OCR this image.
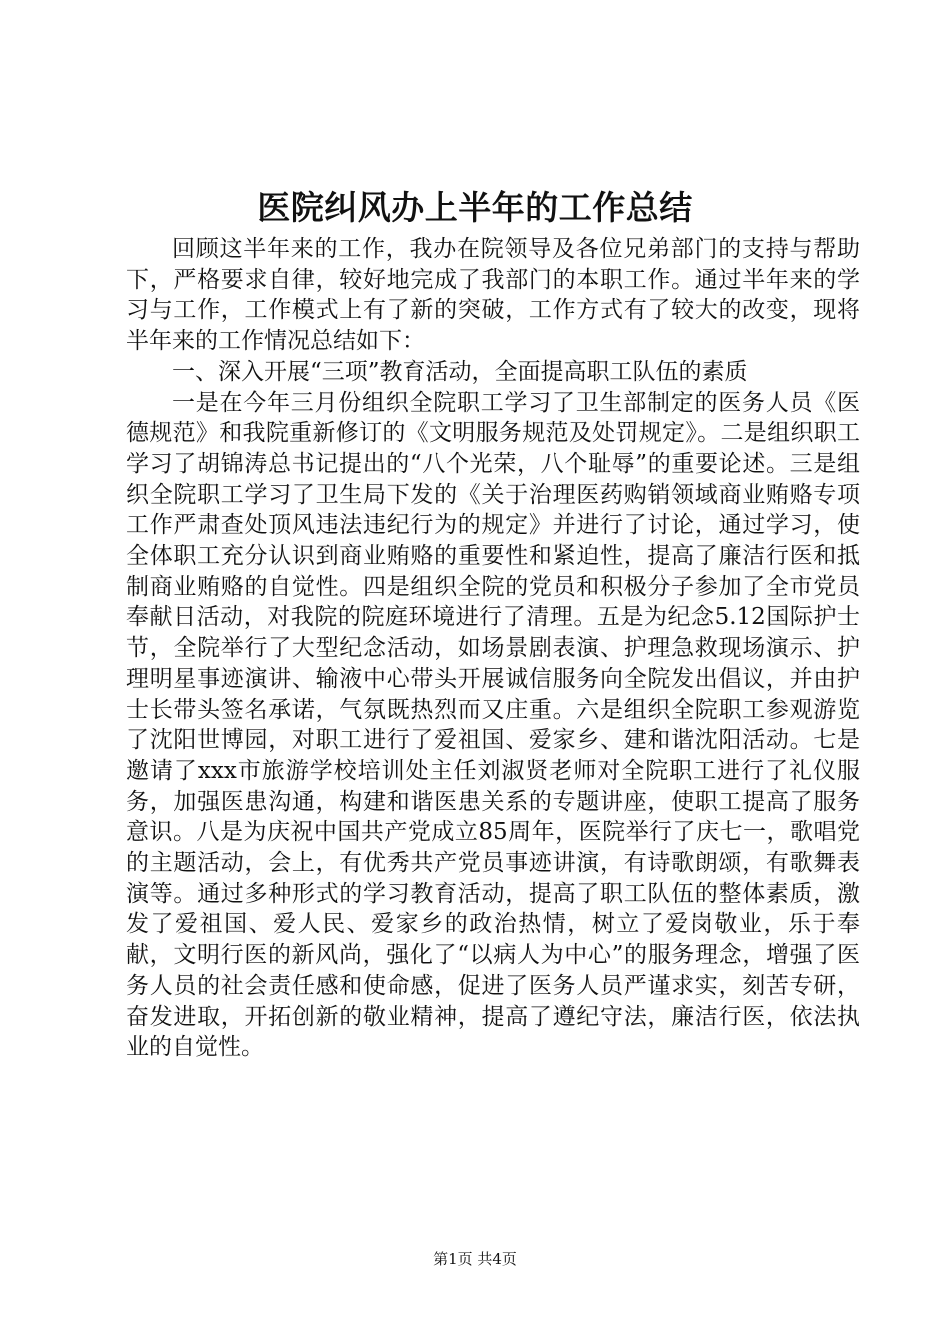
医院纠风办上半年的工作总结

回顾这半年来的工作，我办在院领导及各位兄弟部门的支持与帮助下，严格要求自律，较好地完成了我部门的本职工作。通过半年来的学习与工作，工作模式上有了新的突破，工作方式有了较大的改变，现将半年来的工作情况总结如下：

一、深入开展“三项”教育活动，全面提高职工队伍的素质

一是在今年三月份组织全院职工学习了卫生部制定的医务人员《医德规范》和我院重新修订的《文明服务规范及处罚规定》。二是组织职工学习了胡锦涛总书记提出的“八个光荣，八个耻辱”的重要论述。三是组织全院职工学习了卫生局下发的《关于治理医药购销领域商业贿赂专项工作严肃查处顶风违法违纪行为的规定》并进行了讨论，通过学习，使全体职工充分认识到商业贿赂的重要性和紧迫性，提高了廉洁行医和抵制商业贿赂的自觉性。四是组织全院的党员和积极分子参加了全市党员奉献日活动，对我院的院庭环境进行了清理。五是为纪念5.12国际护士节，全院举行了大型纪念活动，如场景剧表演、护理急救现场演示、护理明星事迹演讲、输液中心带头开展诚信服务向全院发出倡议，并由护士长带头签名承诺，气氛既热烈而又庄重。六是组织全院职工参观游览了沈阳世博园，对职工进行了爱祖国、爱家乡、建和谐沈阳活动。七是邀请了xxx市旅游学校培训处主任刘淑贤老师对全院职工进行了礼仪服务，加强医患沟通，构建和谐医患关系的专题讲座，使职工提高了服务意识。八是为庆祝中国共产党成立85周年，医院举行了庆七一，歌唱党的主题活动，会上，有优秀共产党员事迹讲演，有诗歌朗颂，有歌舞表演等。通过多种形式的学习教育活动，提高了职工队伍的整体素质，激发了爱祖国、爱人民、爱家乡的政治热情，树立了爱岗敬业，乐于奉献，文明行医的新风尚，强化了“以病人为中心”的服务理念，增强了医务人员的社会责任感和使命感，促进了医务人员严谨求实，刻苦专研，奋发进取，开拓创新的敬业精神，提高了遵纪守法，廉洁行医，依法执业的自觉性。

第1页 共4页
